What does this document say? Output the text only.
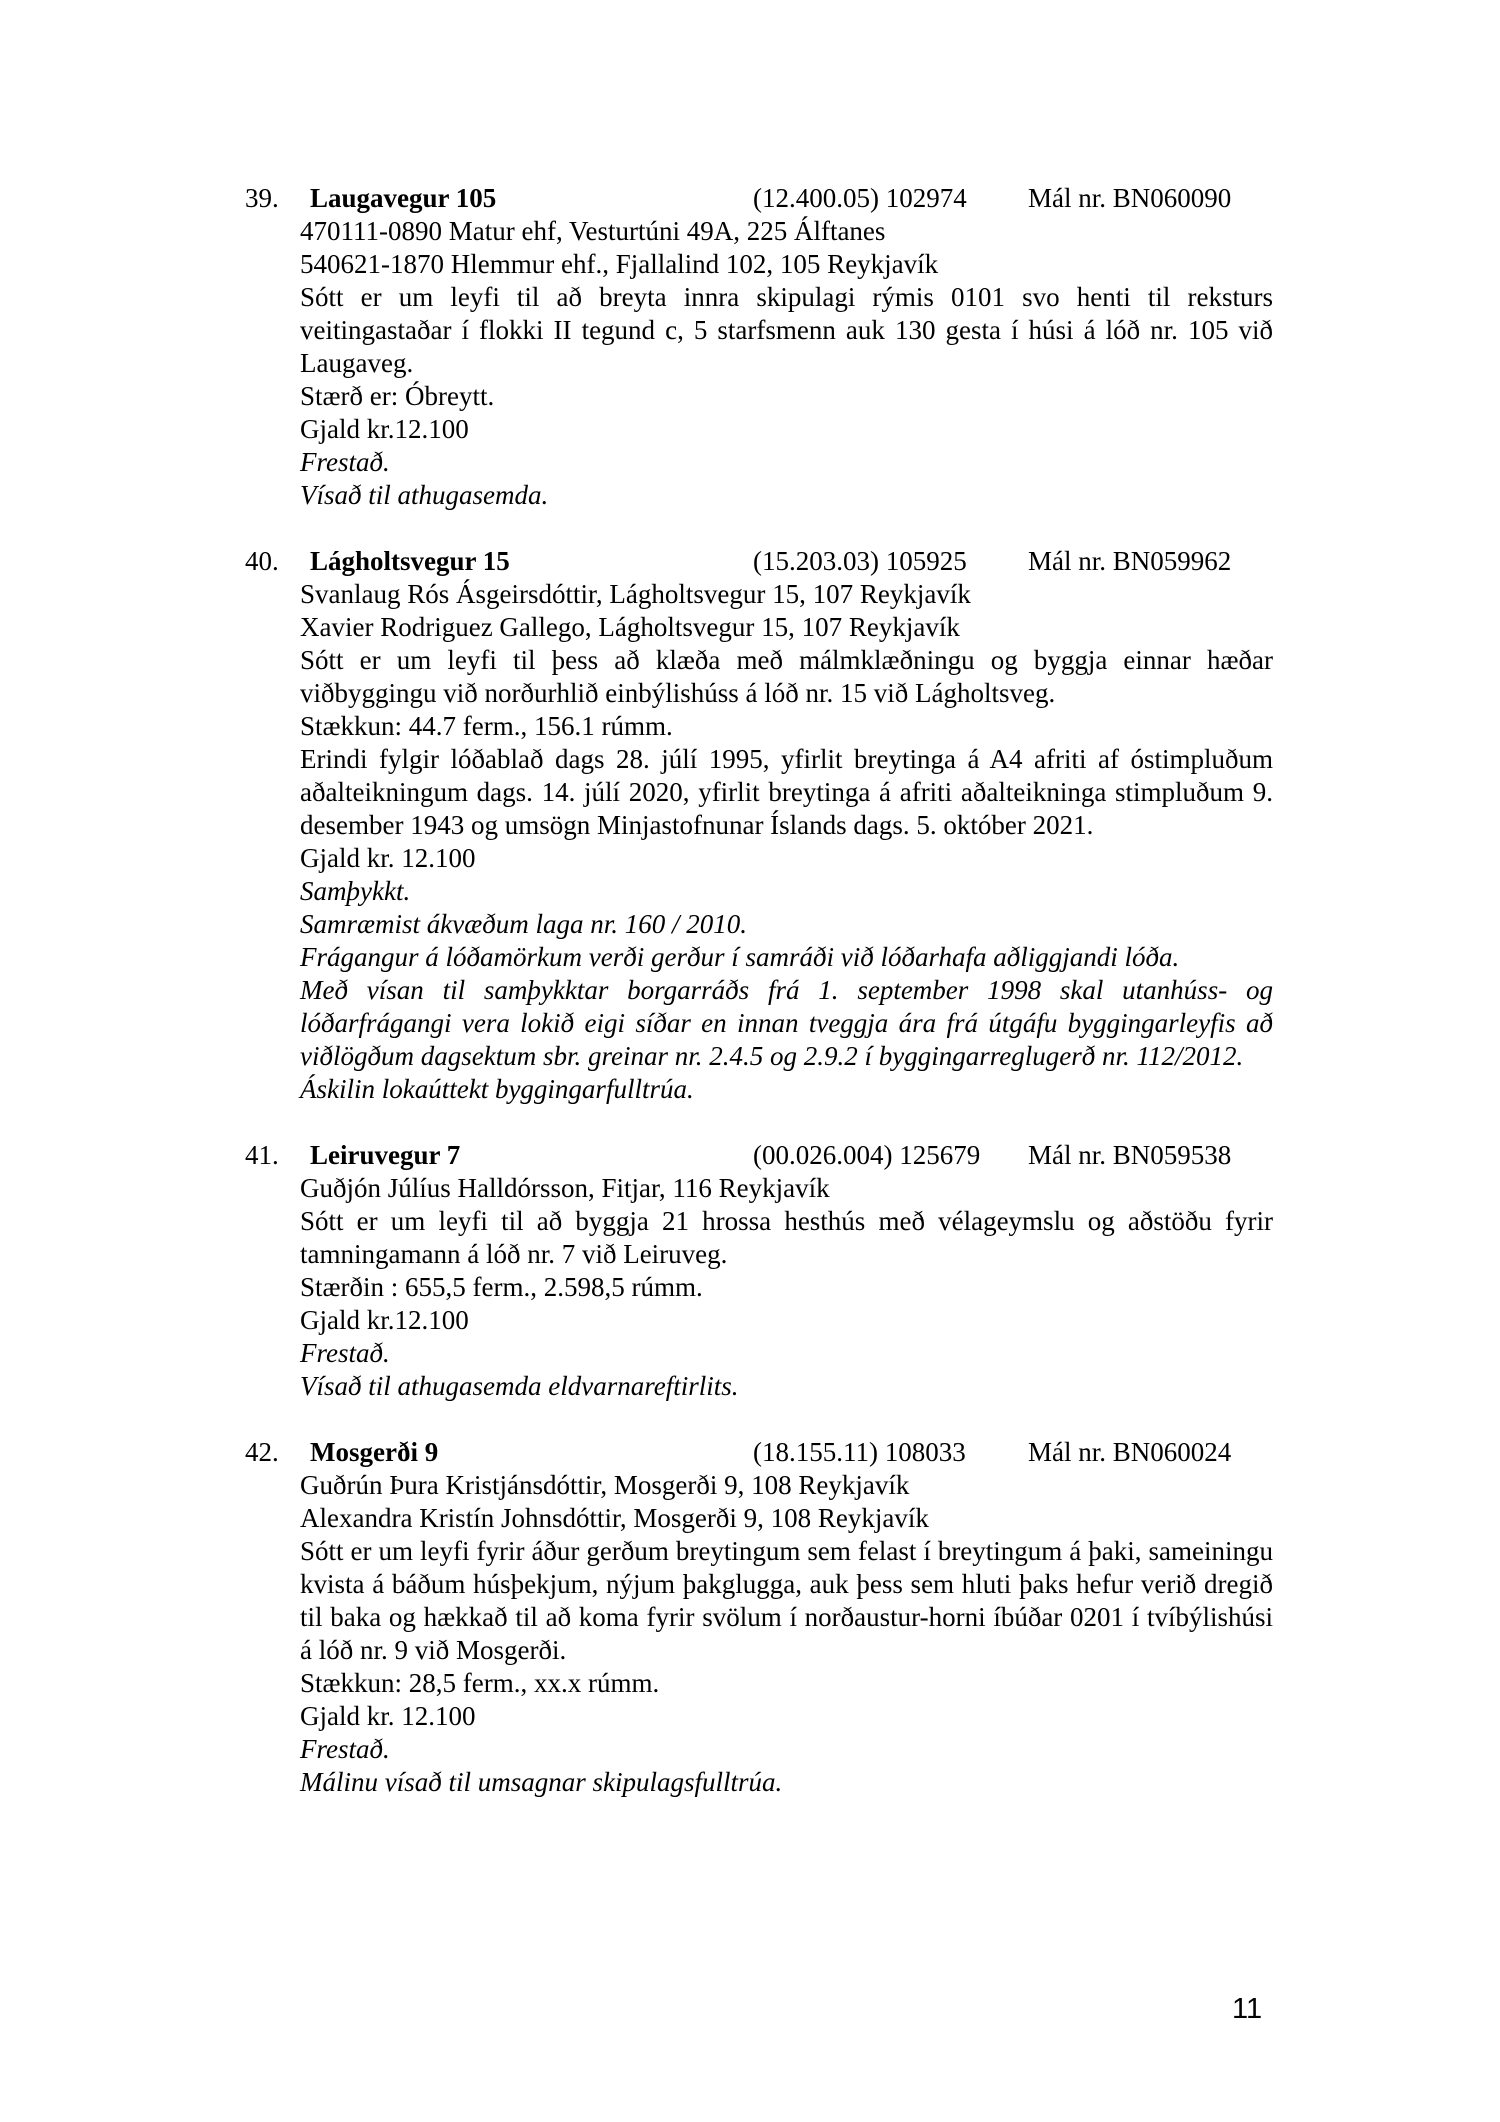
39.	Laugavegur 105	(12.400.05) 102974	Mál nr. BN060090

470111-0890 Matur ehf, Vesturtúni 49A, 225 Álftanes

540621-1870 Hlemmur ehf., Fjallalind 102, 105 Reykjavík

Sótt er um leyfi til að breyta innra skipulagi rýmis 0101 svo henti til reksturs veitingastaðar í flokki II tegund c, 5 starfsmenn auk 130 gesta í húsi á lóð nr. 105 við Laugaveg.

Stærð er: Óbreytt.

Gjald kr.12.100

Frestað.

Vísað til athugasemda.

40.	Lágholtsvegur 15	(15.203.03) 105925	Mál nr. BN059962

Svanlaug Rós Ásgeirsdóttir, Lágholtsvegur 15, 107 Reykjavík

Xavier Rodriguez Gallego, Lágholtsvegur 15, 107 Reykjavík

Sótt er um leyfi til þess að klæða með málmklæðningu og byggja einnar hæðar viðbyggingu við norðurhlið einbýlishúss á lóð nr. 15 við Lágholtsveg.

Stækkun: 44.7 ferm., 156.1 rúmm.

Erindi fylgir lóðablað dags 28. júlí 1995, yfirlit breytinga á A4 afriti af óstimpluðum aðalteikningum dags. 14. júlí 2020, yfirlit breytinga á afriti aðalteikninga stimpluðum 9. desember 1943 og umsögn Minjastofnunar Íslands dags. 5. október 2021.

Gjald kr. 12.100

Samþykkt.

Samræmist ákvæðum laga nr. 160 / 2010.

Frágangur á lóðamörkum verði gerður í samráði við lóðarhafa aðliggjandi lóða.

Með vísan til samþykktar borgarráðs frá 1. september 1998 skal utanhúss- og lóðarfrágangi vera lokið eigi síðar en innan tveggja ára frá útgáfu byggingarleyfis að viðlögðum dagsektum sbr. greinar nr. 2.4.5 og 2.9.2 í byggingarreglugerð nr. 112/2012.

Áskilin lokaúttekt byggingarfulltrúa.

41.	Leiruvegur 7	(00.026.004) 125679	Mál nr. BN059538

Guðjón Júlíus Halldórsson, Fitjar, 116 Reykjavík

Sótt er um leyfi til að byggja 21 hrossa hesthús með vélageymslu og aðstöðu fyrir tamningamann á lóð nr. 7 við Leiruveg.

Stærðin : 655,5 ferm., 2.598,5 rúmm.

Gjald kr.12.100

Frestað.

Vísað til athugasemda eldvarnareftirlits.

42.	Mosgerði 9	(18.155.11) 108033	Mál nr. BN060024

Guðrún Þura Kristjánsdóttir, Mosgerði 9, 108 Reykjavík

Alexandra Kristín Johnsdóttir, Mosgerði 9, 108 Reykjavík

Sótt er um leyfi fyrir áður gerðum breytingum sem felast í breytingum á þaki, sameiningu kvista á báðum húsþekjum, nýjum þakglugga, auk þess sem hluti þaks hefur verið dregið til baka og hækkað til að koma fyrir svölum í norðaustur-horni íbúðar 0201 í tvíbýlishúsi á lóð nr. 9 við Mosgerði.

Stækkun: 28,5 ferm., xx.x rúmm.

Gjald kr. 12.100

Frestað.

Málinu vísað til umsagnar skipulagsfulltrúa.

11
